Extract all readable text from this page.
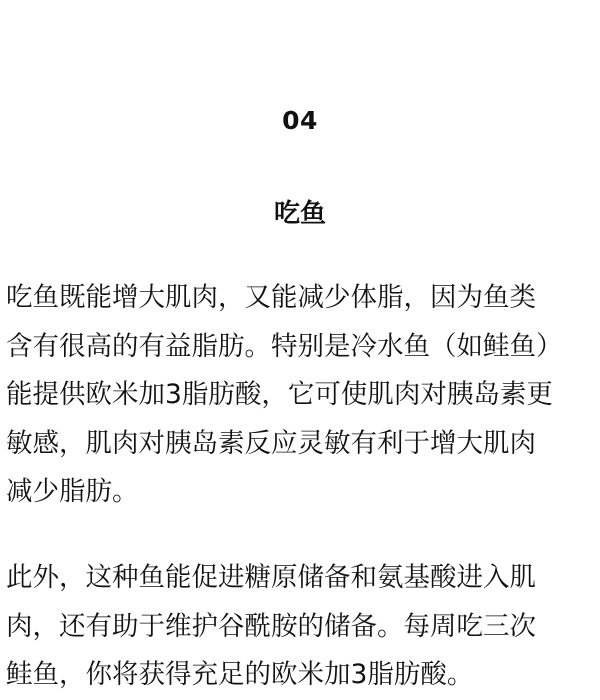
04
吃鱼
吃鱼既能增大肌肉，又能减少体脂，因为鱼类
含有很高的有益脂肪。特别是冷水鱼（如鲑鱼）
能提供欧米加3脂肪酸，它可使肌肉对胰岛素更
敏感，肌肉对胰岛素反应灵敏有利于增大肌肉
减少脂肪。
此外，这种鱼能促进糖原储备和氨基酸进入肌
肉，还有助于维护谷酰胺的储备。每周吃三次
鲑鱼，你将获得充足的欧米加3脂肪酸。
